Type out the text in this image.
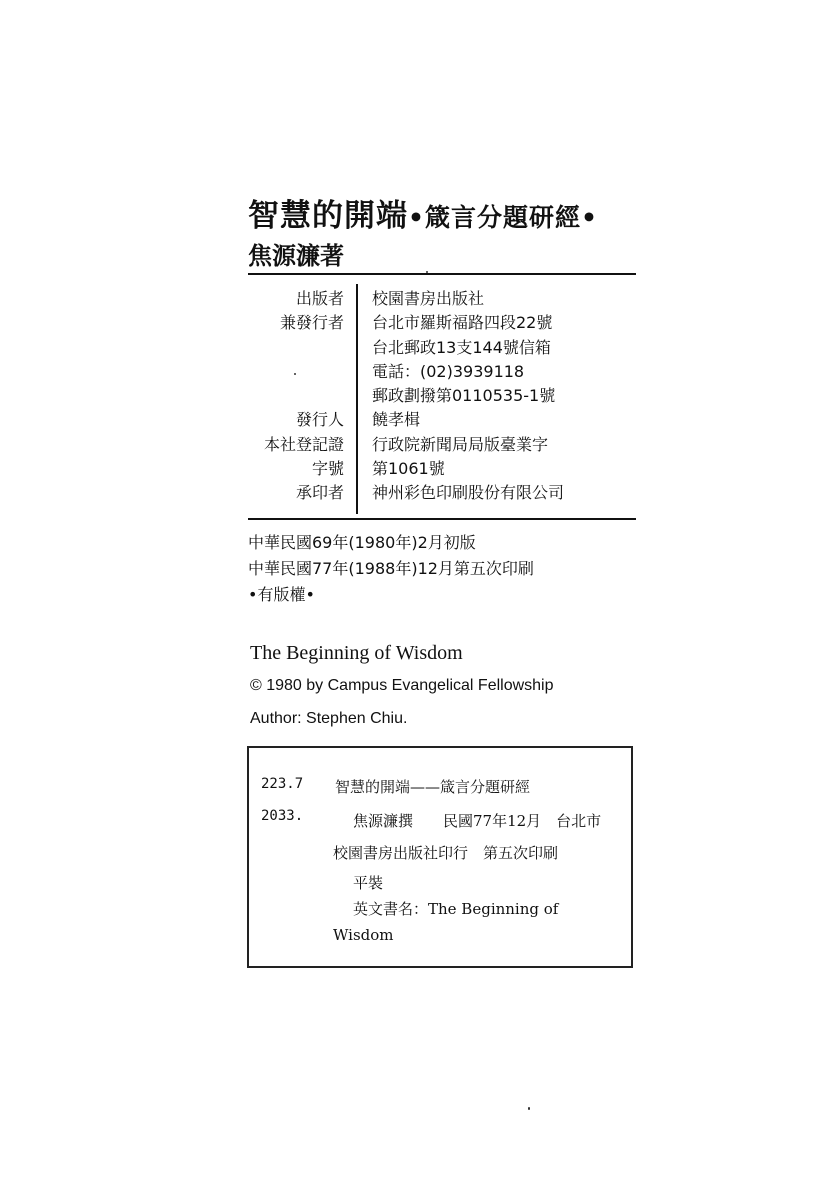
智慧的開端•箴言分題研經•
焦源濂著
出版者
兼發行者

發行人
本社登記證
字號
承印者
校園書房出版社
台北市羅斯福路四段22號
台北郵政13支144號信箱
電話：(02)3939118
郵政劃撥第0110535-1號
饒孝楫
行政院新聞局局版臺業字
第1061號
神州彩色印刷股份有限公司
中華民國69年(1980年)2月初版
中華民國77年(1988年)12月第五次印刷
•有版權•
The Beginning of Wisdom
© 1980 by Campus Evangelical Fellowship
Author: Stephen Chiu.
223.7
2033.
智慧的開端——箴言分題研經
焦源濂撰　　民國77年12月　台北市
校園書房出版社印行　第五次印刷
平裝
英文書名：The Beginning of
Wisdom
